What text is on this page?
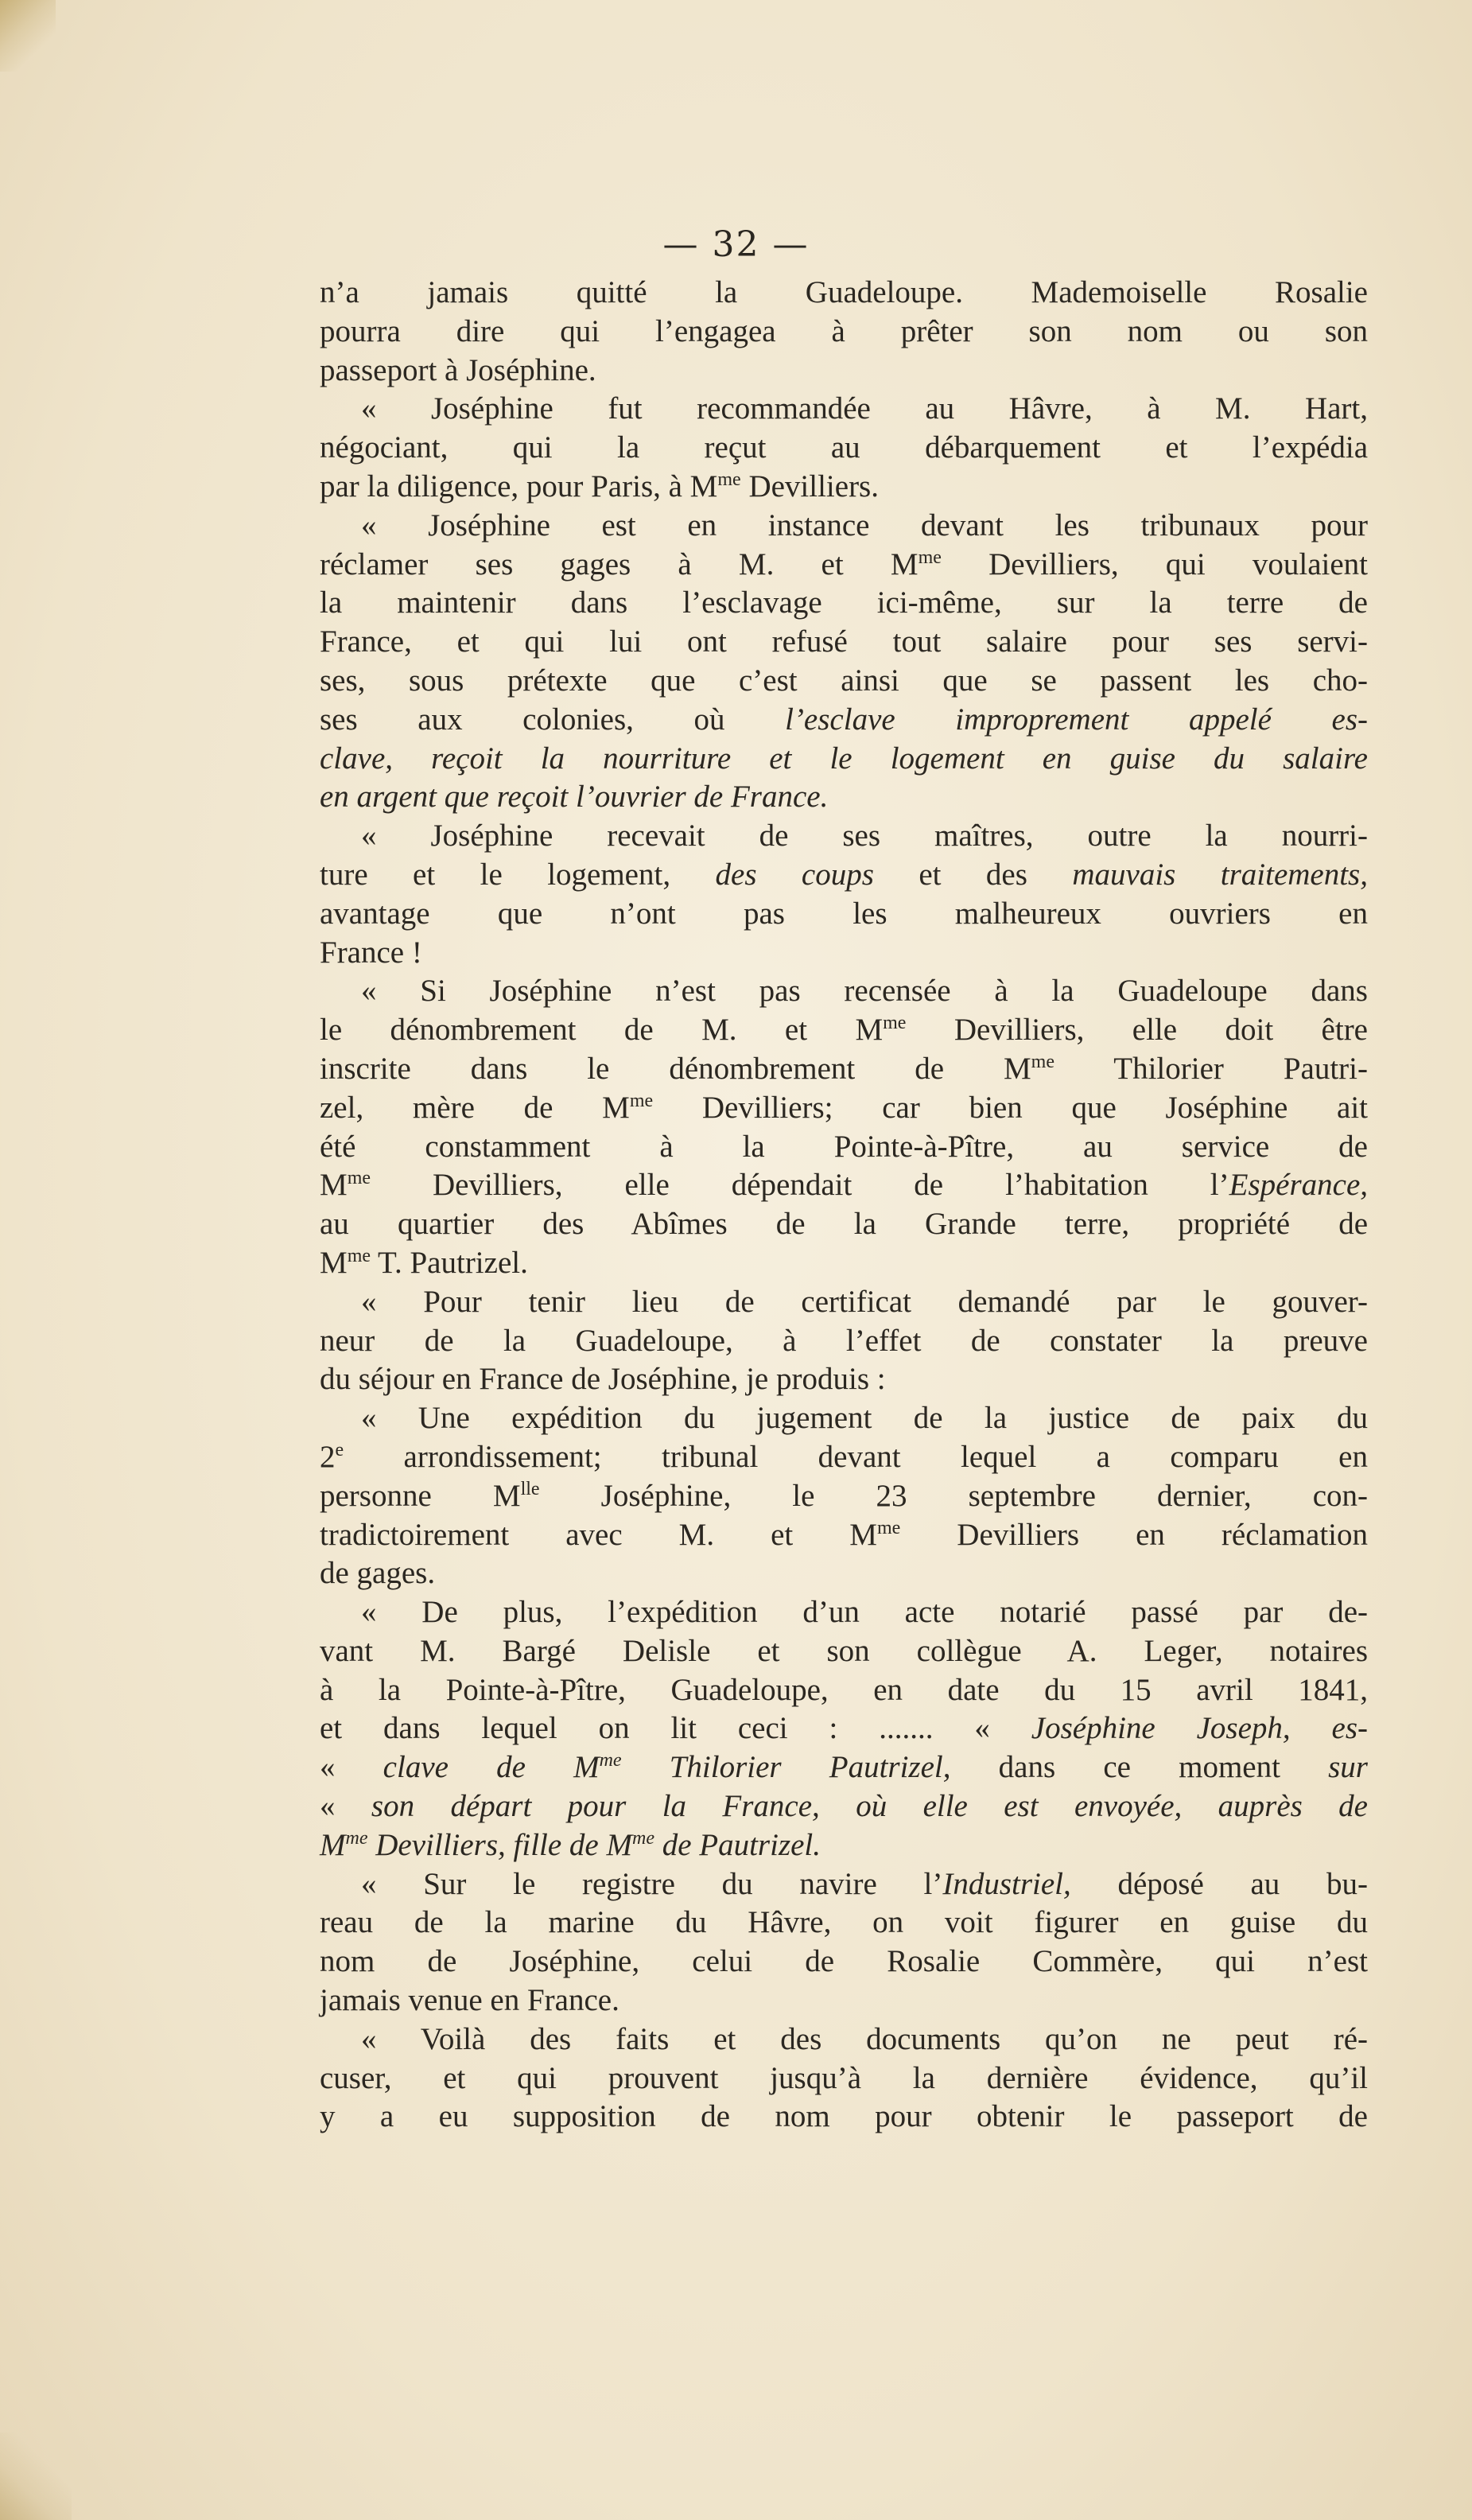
— 32 —
n’a jamais quitté la Guadeloupe. Mademoiselle Rosalie
pourra dire qui l’engagea à prêter son nom ou son
passeport à Joséphine.
« Joséphine fut recommandée au Hâvre, à M. Hart,
négociant, qui la reçut au débarquement et l’expédia
par la diligence, pour Paris, à $M^{me}$ Devilliers.
« Joséphine est en instance devant les tribunaux pour
réclamer ses gages à M. et $M^{me}$ Devilliers, qui voulaient
la maintenir dans l’esclavage ici-même, sur la terre de
France, et qui lui ont refusé tout salaire pour ses servi-
ses, sous prétexte que c’est ainsi que se passent les cho-
ses aux colonies, où l’esclave improprement appelé es-
clave, reçoit la nourriture et le logement en guise du salaire
en argent que reçoit l’ouvrier de France.
« Joséphine recevait de ses maîtres, outre la nourri-
ture et le logement, des coups et des mauvais traitements,
avantage que n’ont pas les malheureux ouvriers en
France !
« Si Joséphine n’est pas recensée à la Guadeloupe dans
le dénombrement de M. et $M^{me}$ Devilliers, elle doit être
inscrite dans le dénombrement de $M^{me}$ Thilorier Pautri-
zel, mère de $M^{me}$ Devilliers; car bien que Joséphine ait
été constamment à la Pointe-à-Pître, au service de
$M^{me}$ Devilliers, elle dépendait de l’habitation l’Espérance,
au quartier des Abîmes de la Grande terre, propriété de
$M^{me}$ T. Pautrizel.
« Pour tenir lieu de certificat demandé par le gouver-
neur de la Guadeloupe, à l’effet de constater la preuve
du séjour en France de Joséphine, je produis :
« Une expédition du jugement de la justice de paix du
2e arrondissement; tribunal devant lequel a comparu en
personne $M^{lle}$ Joséphine, le 23 septembre dernier, con-
tradictoirement avec M. et $M^{me}$ Devilliers en réclamation
de gages.
« De plus, l’expédition d’un acte notarié passé par de-
vant M. Bargé Delisle et son collègue A. Leger, notaires
à la Pointe-à-Pître, Guadeloupe, en date du 15 avril 1841,
et dans lequel on lit ceci : ....... « Joséphine Joseph, es-
« clave de $M^{me}$ Thilorier Pautrizel, dans ce moment sur
« son départ pour la France, où elle est envoyée, auprès de
$M^{me}$ Devilliers, fille de $M^{me}$ de Pautrizel.
« Sur le registre du navire l’Industriel, déposé au bu-
reau de la marine du Hâvre, on voit figurer en guise du
nom de Joséphine, celui de Rosalie Commère, qui n’est
jamais venue en France.
« Voilà des faits et des documents qu’on ne peut ré-
cuser, et qui prouvent jusqu’à la dernière évidence, qu’il
y a eu supposition de nom pour obtenir le passeport de
